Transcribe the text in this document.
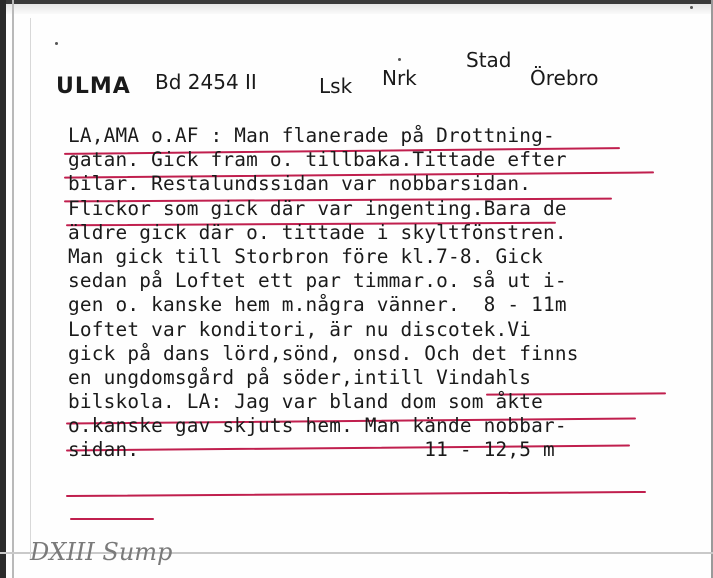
ULMA Bd 2454 II	Lsk Nrk
Stad
Örebro
LA,AMA o.AF : Man flanerade på Drottning-
gatan. Gick fram o. tillbaka.Tittade efter
bilar. Restalundssidan var nobbarsidan.
Flickor som gick där var ingenting.Bara de
äldre gick där o. tittade i skyltfönstren.
Man gick till Storbron före kl.7-8. Gick
sedan på Loftet ett par timmar.o. så ut i-
gen o. kanske hem m.några vänner.  8 - 11m
Loftet var konditori, är nu discotek.Vi
gick på dans lörd,sönd, onsd. Och det finns
en ungdomsgård på söder,intill Vindahls
bilskola. LA: Jag var bland dom som åkte
o.kanske gav skjuts hem. Man kände nobbar-
sidan.                        11 - 12,5 m
DXIII Sump
